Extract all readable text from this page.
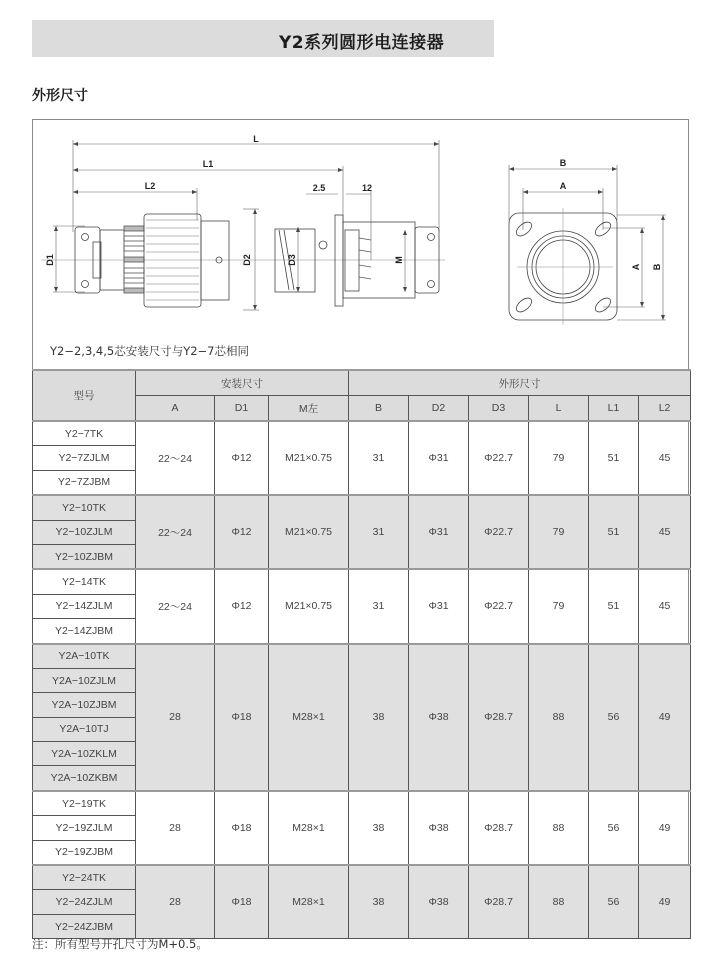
Y2系列圆形电连接器
外形尺寸
L
L1
L2	2.5	12
D1	D2	D3	M
B
A
A B
Y2−2,3,4,5芯安装尺寸与Y2−7芯相同
型号	安装尺寸			外形尺寸					
	A	D1	M左	B	D2	D3	L	L1	L2
Y2−7TK	22～24	Φ12	M21×0.75	31	Φ31	Φ22.7	79	51	45
Y2−7ZJLM									
Y2−7ZJBM									
Y2−10TK	22～24	Φ12	M21×0.75	31	Φ31	Φ22.7	79	51	45
Y2−10ZJLM									
Y2−10ZJBM									
Y2−14TK	22～24	Φ12	M21×0.75	31	Φ31	Φ22.7	79	51	45
Y2−14ZJLM									
Y2−14ZJBM									
Y2A−10TK	28	Φ18	M28×1	38	Φ38	Φ28.7	88	56	49
Y2A−10ZJLM									
Y2A−10ZJBM									
Y2A−10TJ									
Y2A−10ZKLM									
Y2A−10ZKBM									
Y2−19TK	28	Φ18	M28×1	38	Φ38	Φ28.7	88	56	49
Y2−19ZJLM									
Y2−19ZJBM									
Y2−24TK	28	Φ18	M28×1	38	Φ38	Φ28.7	88	56	49
Y2−24ZJLM									
Y2−24ZJBM									
注：所有型号开孔尺寸为M+0.5。
